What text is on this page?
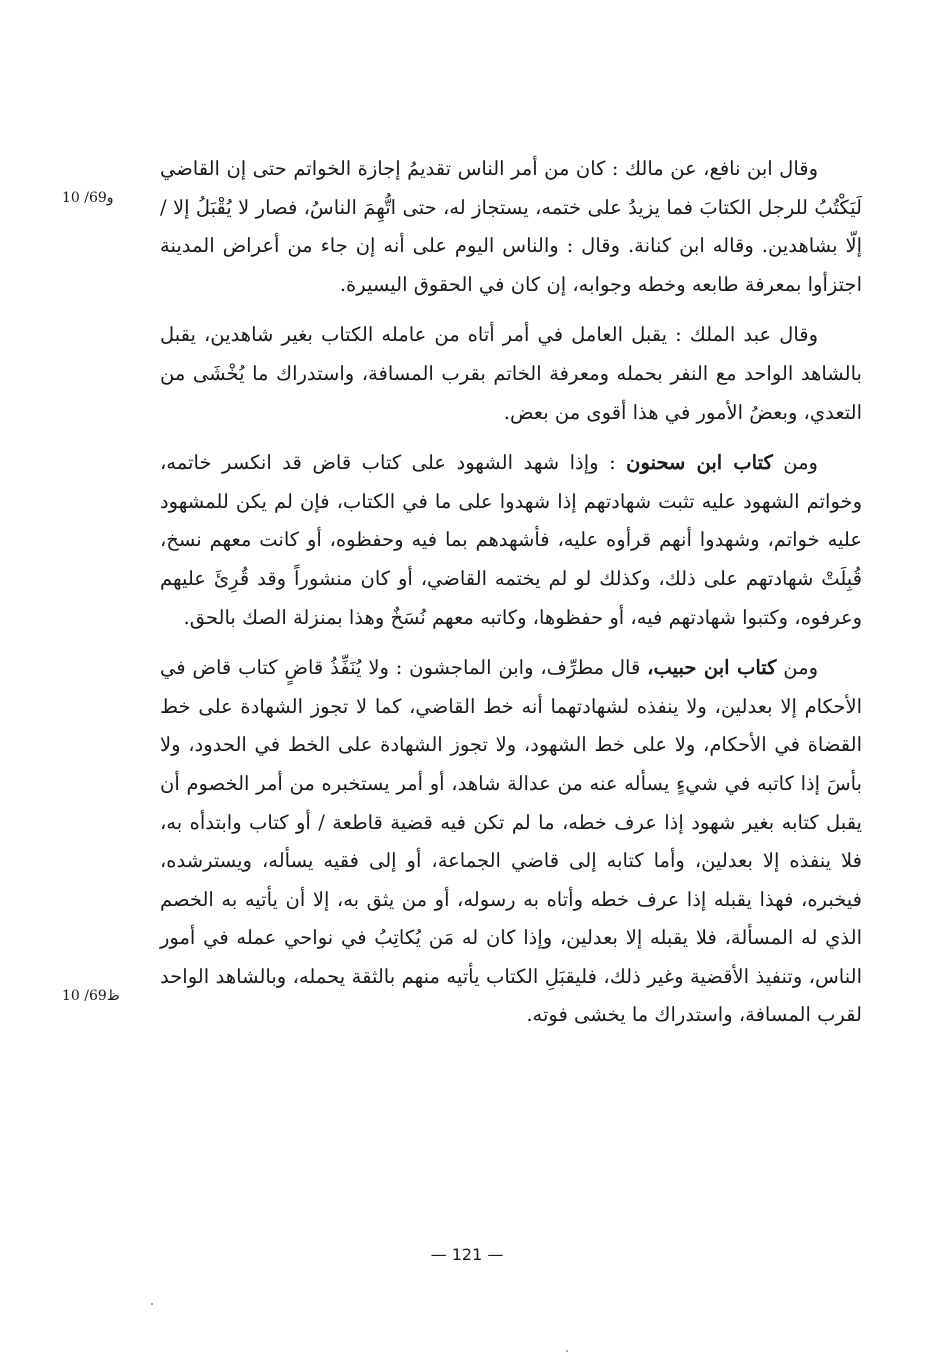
10 /69و
10 /69ظ

وقال ابن نافع، عن مالك : كان من أمر الناس تقديمُ إجازة الخواتم حتى إن القاضي لَيَكْتُبُ للرجل الكتابَ فما يزيدُ على ختمه، يستجاز له، حتى اتُّهِمَ الناسُ، فصار لا يُقْبَلُ إلا / إلّا بشاهدين. وقاله ابن كنانة. وقال : والناس اليوم على أنه إن جاء من أعراض المدينة اجتزأوا بمعرفة طابعه وخطه وجوابه، إن كان في الحقوق اليسيرة.

وقال عبد الملك : يقبل العامل في أمر أتاه من عامله الكتاب بغير شاهدين، يقبل بالشاهد الواحد مع النفر بحمله ومعرفة الخاتم بقرب المسافة، واستدراك ما يُخْشَى من التعدي، وبعضُ الأمور في هذا أقوى من بعض.

ومن كتاب ابن سحنون : وإذا شهد الشهود على كتاب قاض قد انكسر خاتمه، وخواتم الشهود عليه تثبت شهادتهم إذا شهدوا على ما في الكتاب، فإن لم يكن للمشهود عليه خواتم، وشهدوا أنهم قرأوه عليه، فأشهدهم بما فيه وحفظوه، أو كانت معهم نسخ، قُبِلَتْ شهادتهم على ذلك، وكذلك لو لم يختمه القاضي، أو كان منشوراً وقد قُرِئَ عليهم وعرفوه، وكتبوا شهادتهم فيه، أو حفظوها، وكاتبه معهم نُسَخٌ وهذا بمنزلة الصك بالحق.

ومن كتاب ابن حبيب، قال مطرِّف، وابن الماجشون : ولا يُنَفِّذُ قاضٍ كتاب قاض في الأحكام إلا بعدلين، ولا ينفذه لشهادتهما أنه خط القاضي، كما لا تجوز الشهادة على خط القضاة في الأحكام، ولا على خط الشهود، ولا تجوز الشهادة على الخط في الحدود، ولا بأسَ إذا كاتبه في شيءٍ يسأله عنه من عدالة شاهد، أو أمر يستخبره من أمر الخصوم أن يقبل كتابه بغير شهود إذا عرف خطه، ما لم تكن فيه قضية قاطعة / أو كتاب وابتدأه به، فلا ينفذه إلا بعدلين، وأما كتابه إلى قاضي الجماعة، أو إلى فقيه يسأله، ويسترشده، فيخبره، فهذا يقبله إذا عرف خطه وأتاه به رسوله، أو من يثق به، إلا أن يأتيه به الخصم الذي له المسألة، فلا يقبله إلا بعدلين، وإذا كان له مَن يُكاتِبُ في نواحي عمله في أمور الناس، وتنفيذ الأقضية وغير ذلك، فليقبَلِ الكتاب يأتيه منهم بالثقة يحمله، وبالشاهد الواحد لقرب المسافة، واستدراك ما يخشى فوته.

— 121 —
